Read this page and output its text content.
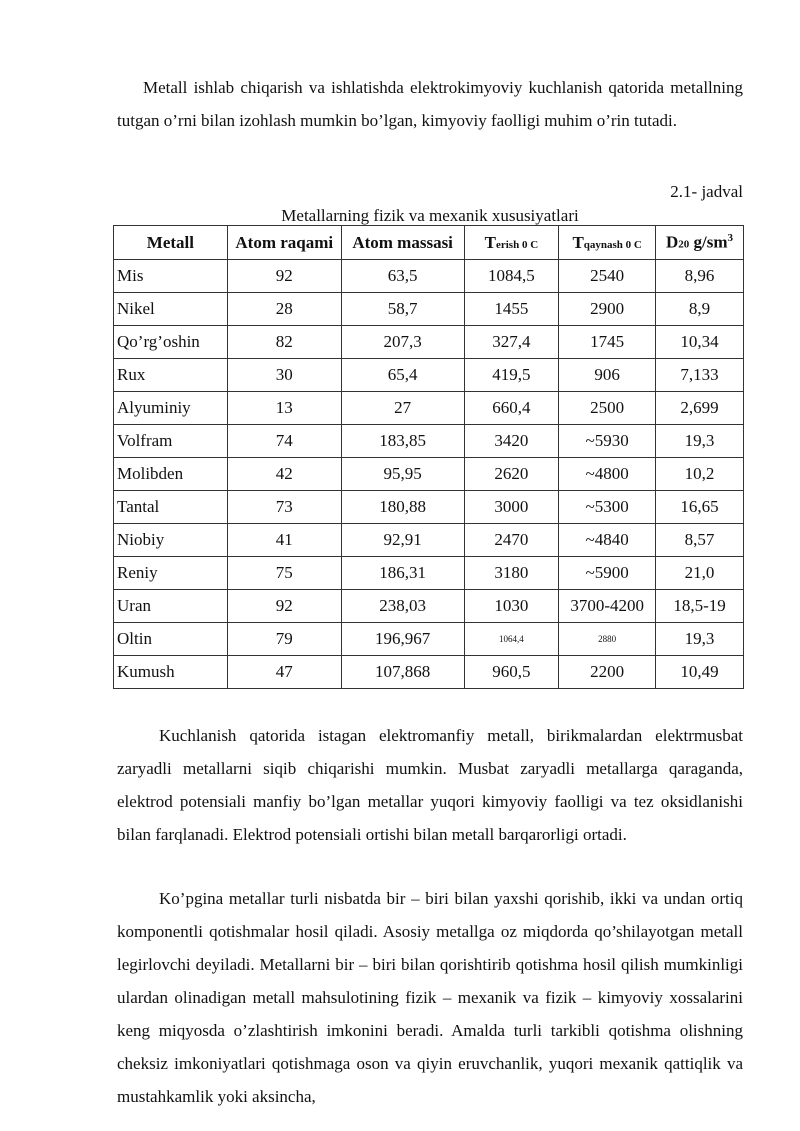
Metall ishlab chiqarish va ishlatishda elektrokimyoviy kuchlanish qatorida metallning tutgan o’rni bilan izohlash mumkin bo’lgan, kimyoviy faolligi muhim o’rin tutadi.

2.1- jadval
Metallarning fizik va mexanik xususiyatlari
Metall	Atom raqami	Atom massasi	Terish 0 C	Tqaynash 0 C	D20 $g/sm^3$
Mis	92	63,5	1084,5	2540	8,96
Nikel	28	58,7	1455	2900	8,9
Qo’rg’oshin	82	207,3	327,4	1745	10,34
Rux	30	65,4	419,5	906	7,133
Alyuminiy	13	27	660,4	2500	2,699
Volfram	74	183,85	3420	~5930	19,3
Molibden	42	95,95	2620	~4800	10,2
Tantal	73	180,88	3000	~5300	16,65
Niobiy	41	92,91	2470	~4840	8,57
Reniy	75	186,31	3180	~5900	21,0
Uran	92	238,03	1030	3700-4200	18,5-19
Oltin	79	196,967	1064,4	2880	19,3
Kumush	47	107,868	960,5	2200	10,49

Kuchlanish qatorida istagan elektromanfiy metall, birikmalardan elektrmusbat zaryadli metallarni siqib chiqarishi mumkin. Musbat zaryadli metallarga qaraganda, elektrod potensiali manfiy bo’lgan metallar yuqori kimyoviy faolligi va tez oksidlanishi bilan farqlanadi. Elektrod potensiali ortishi bilan metall barqarorligi ortadi.

Ko’pgina metallar turli nisbatda bir – biri bilan yaxshi qorishib, ikki va undan ortiq komponentli qotishmalar hosil qiladi. Asosiy metallga oz miqdorda qo’shilayotgan metall legirlovchi deyiladi. Metallarni bir – biri bilan qorishtirib qotishma hosil qilish mumkinligi ulardan olinadigan metall mahsulotining fizik – mexanik va fizik – kimyoviy xossalarini keng miqyosda o’zlashtirish imkonini beradi. Amalda turli tarkibli qotishma olishning cheksiz imkoniyatlari qotishmaga oson va qiyin eruvchanlik, yuqori mexanik qattiqlik va mustahkamlik yoki aksincha,
